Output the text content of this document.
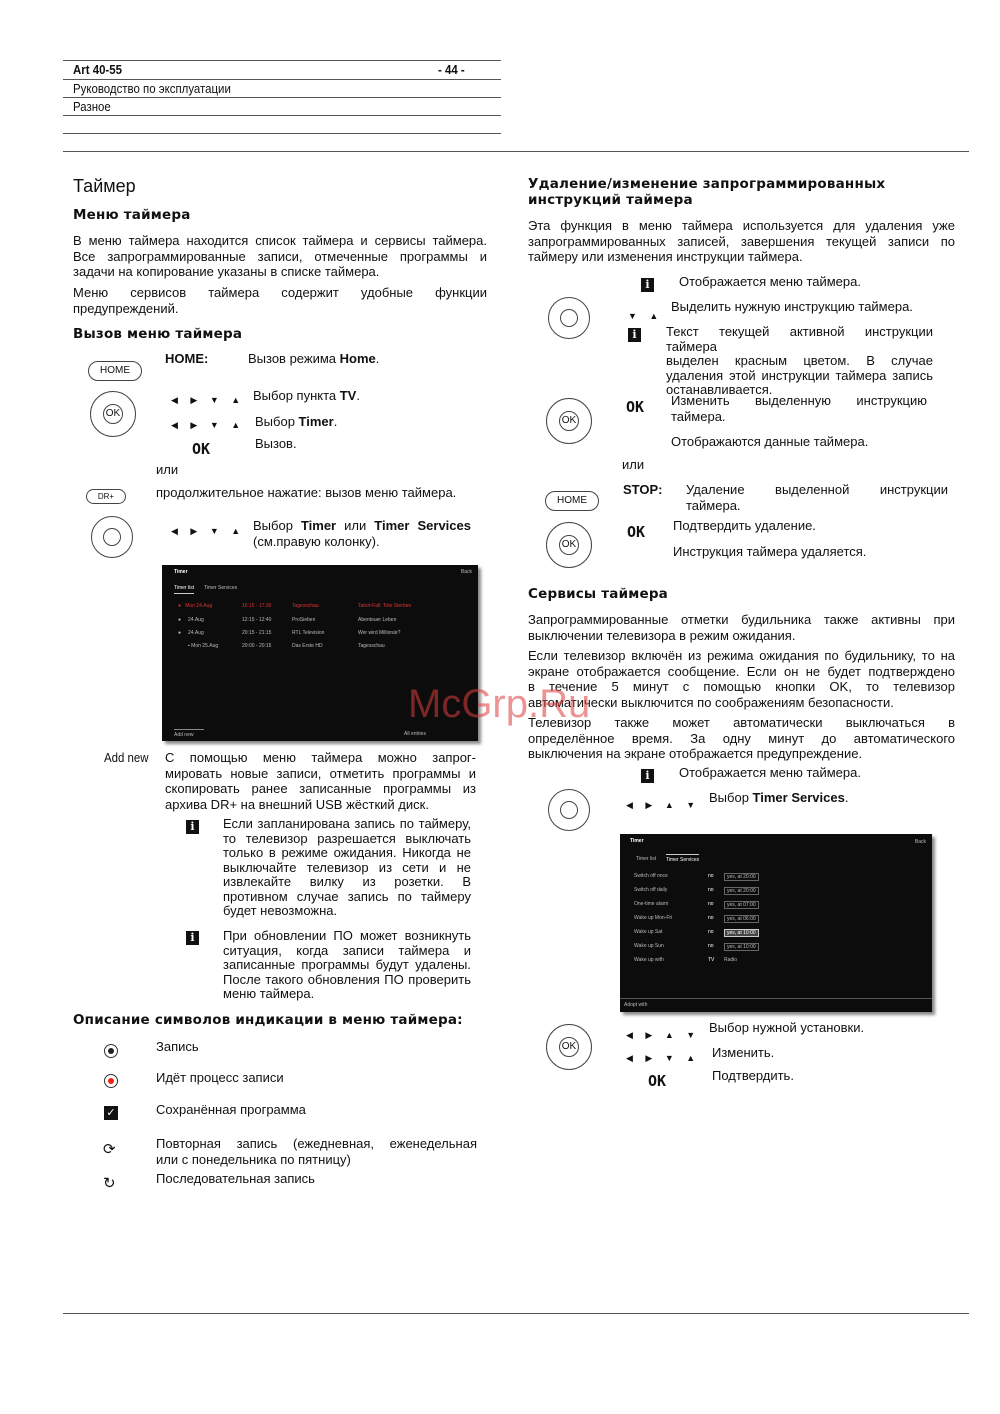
Art 40-55	- 44 -
Руководство по эксплуатации
Разное
Таймер
Меню таймера

В меню таймера находится список таймера и сервисы таймера.

Все запрограммированные записи, отмеченные программы и

задачи на копирование указаны в списке таймера.

Меню сервисов таймера содержит удобные функции

предупреждений.

Вызов меню таймера
HOME:	Вызов режима Home.
HOME
OK
◀ ▶ ▼ ▲ Выбор пункта TV.
◀ ▶ ▼ ▲ Выбор Timer.
OK	Вызов.
или
DR+	продолжительное нажатие: вызов меню таймера.
◀ ▶ ▼ ▲ Выбор Timer или Timer Services

(см.правую колонку).

Timer	Back
Timer list Timer Services
●   Mon 24.Aug	16:15 - 17:30	Tagesschau	Tatort-Fall: Tote Sterben
●     24.Aug	12:15 - 12:40	ProSieben	Abenteuer Leben
●     24.Aug	20:15 - 21:15	RTL Television	Wer wird Millionär?
▪ Mon 25.Aug	20:00 - 20:15	Das Erste HD	Tagesschau
Add new	All entries
Add new С помощью меню таймера можно запрог-

мировать новые записи, отметить программы и

скопировать ранее записанные программы из

архива DR+ на внешний USB жёсткий диск.

i	Если запланирована запись по таймеру,

то телевизор разрешается выключать

только в режиме ожидания. Никогда не

выключайте телевизор из сети и не

извлекайте вилку из розетки. В

противном случае запись по таймеру

будет невозможна.

i	При обновлении ПО может возникнуть

ситуация, когда записи таймера и

записанные программы будут удалены.

После такого обновления ПО проверить

меню таймера.

Описание символов индикации в меню таймера:
Запись
Идёт процесс записи
✓	Сохранённая программа
⟳	Повторная запись (ежедневная, еженедельная

или с понедельника по пятницу)

↻	Последовательная запись
Удаление/изменение запрограммированных
инструкций таймера

Эта функция в меню таймера используется для удаления уже

запрограммированных записей, завершения текущей записи по

таймеру или изменения инструкции таймера.

i	Отображается меню таймера.
Выделить нужную инструкцию таймера.
▼ ▲
i	Текст текущей активной инструкции таймера

выделен красным цветом. В случае

удаления этой инструкции таймера запись

останавливается.

OK
OK Изменить выделенную инструкцию

таймера.

Отображаются данные таймера.
или
HOME
STOP: Удаление выделенной инструкции

таймера.

OK
OK Подтвердить удаление.
Инструкция таймера удаляется.
Сервисы таймера

Запрограммированные отметки будильника также активны при

выключении телевизора в режим ожидания.

Если телевизор включён из режима ожидания по будильнику, то на

экране отображается сообщение. Если он не будет подтверждено

в течение 5 минут с помощью кнопки OK, то телевизор

автоматически выключится по соображениям безопасности.

Телевизор также может автоматически выключаться в

определённое время. За одну минут до автоматического

выключения на экране отображается предупреждение.

i	Отображается меню таймера.
◀ ▶ ▲ ▼ Выбор Timer Services.
Timer	Back
Timer list Timer Services
Switch off once	no	yes, at 20:00
Switch off daily	no	yes, at 20:00
One-time alarm	no	yes, at 07:00
Wake up Mon-Fri	no	yes, at 06:00
Wake up Sat	no	yes, at 10:00
Wake up Sun	no	yes, at 10:00
Wake up with	TV Radio
Adopt with
OK
◀ ▶ ▲ ▼ Выбор нужной установки.
◀ ▶ ▼ ▲ Изменить.
OK	Подтвердить.
McGrp.Ru
